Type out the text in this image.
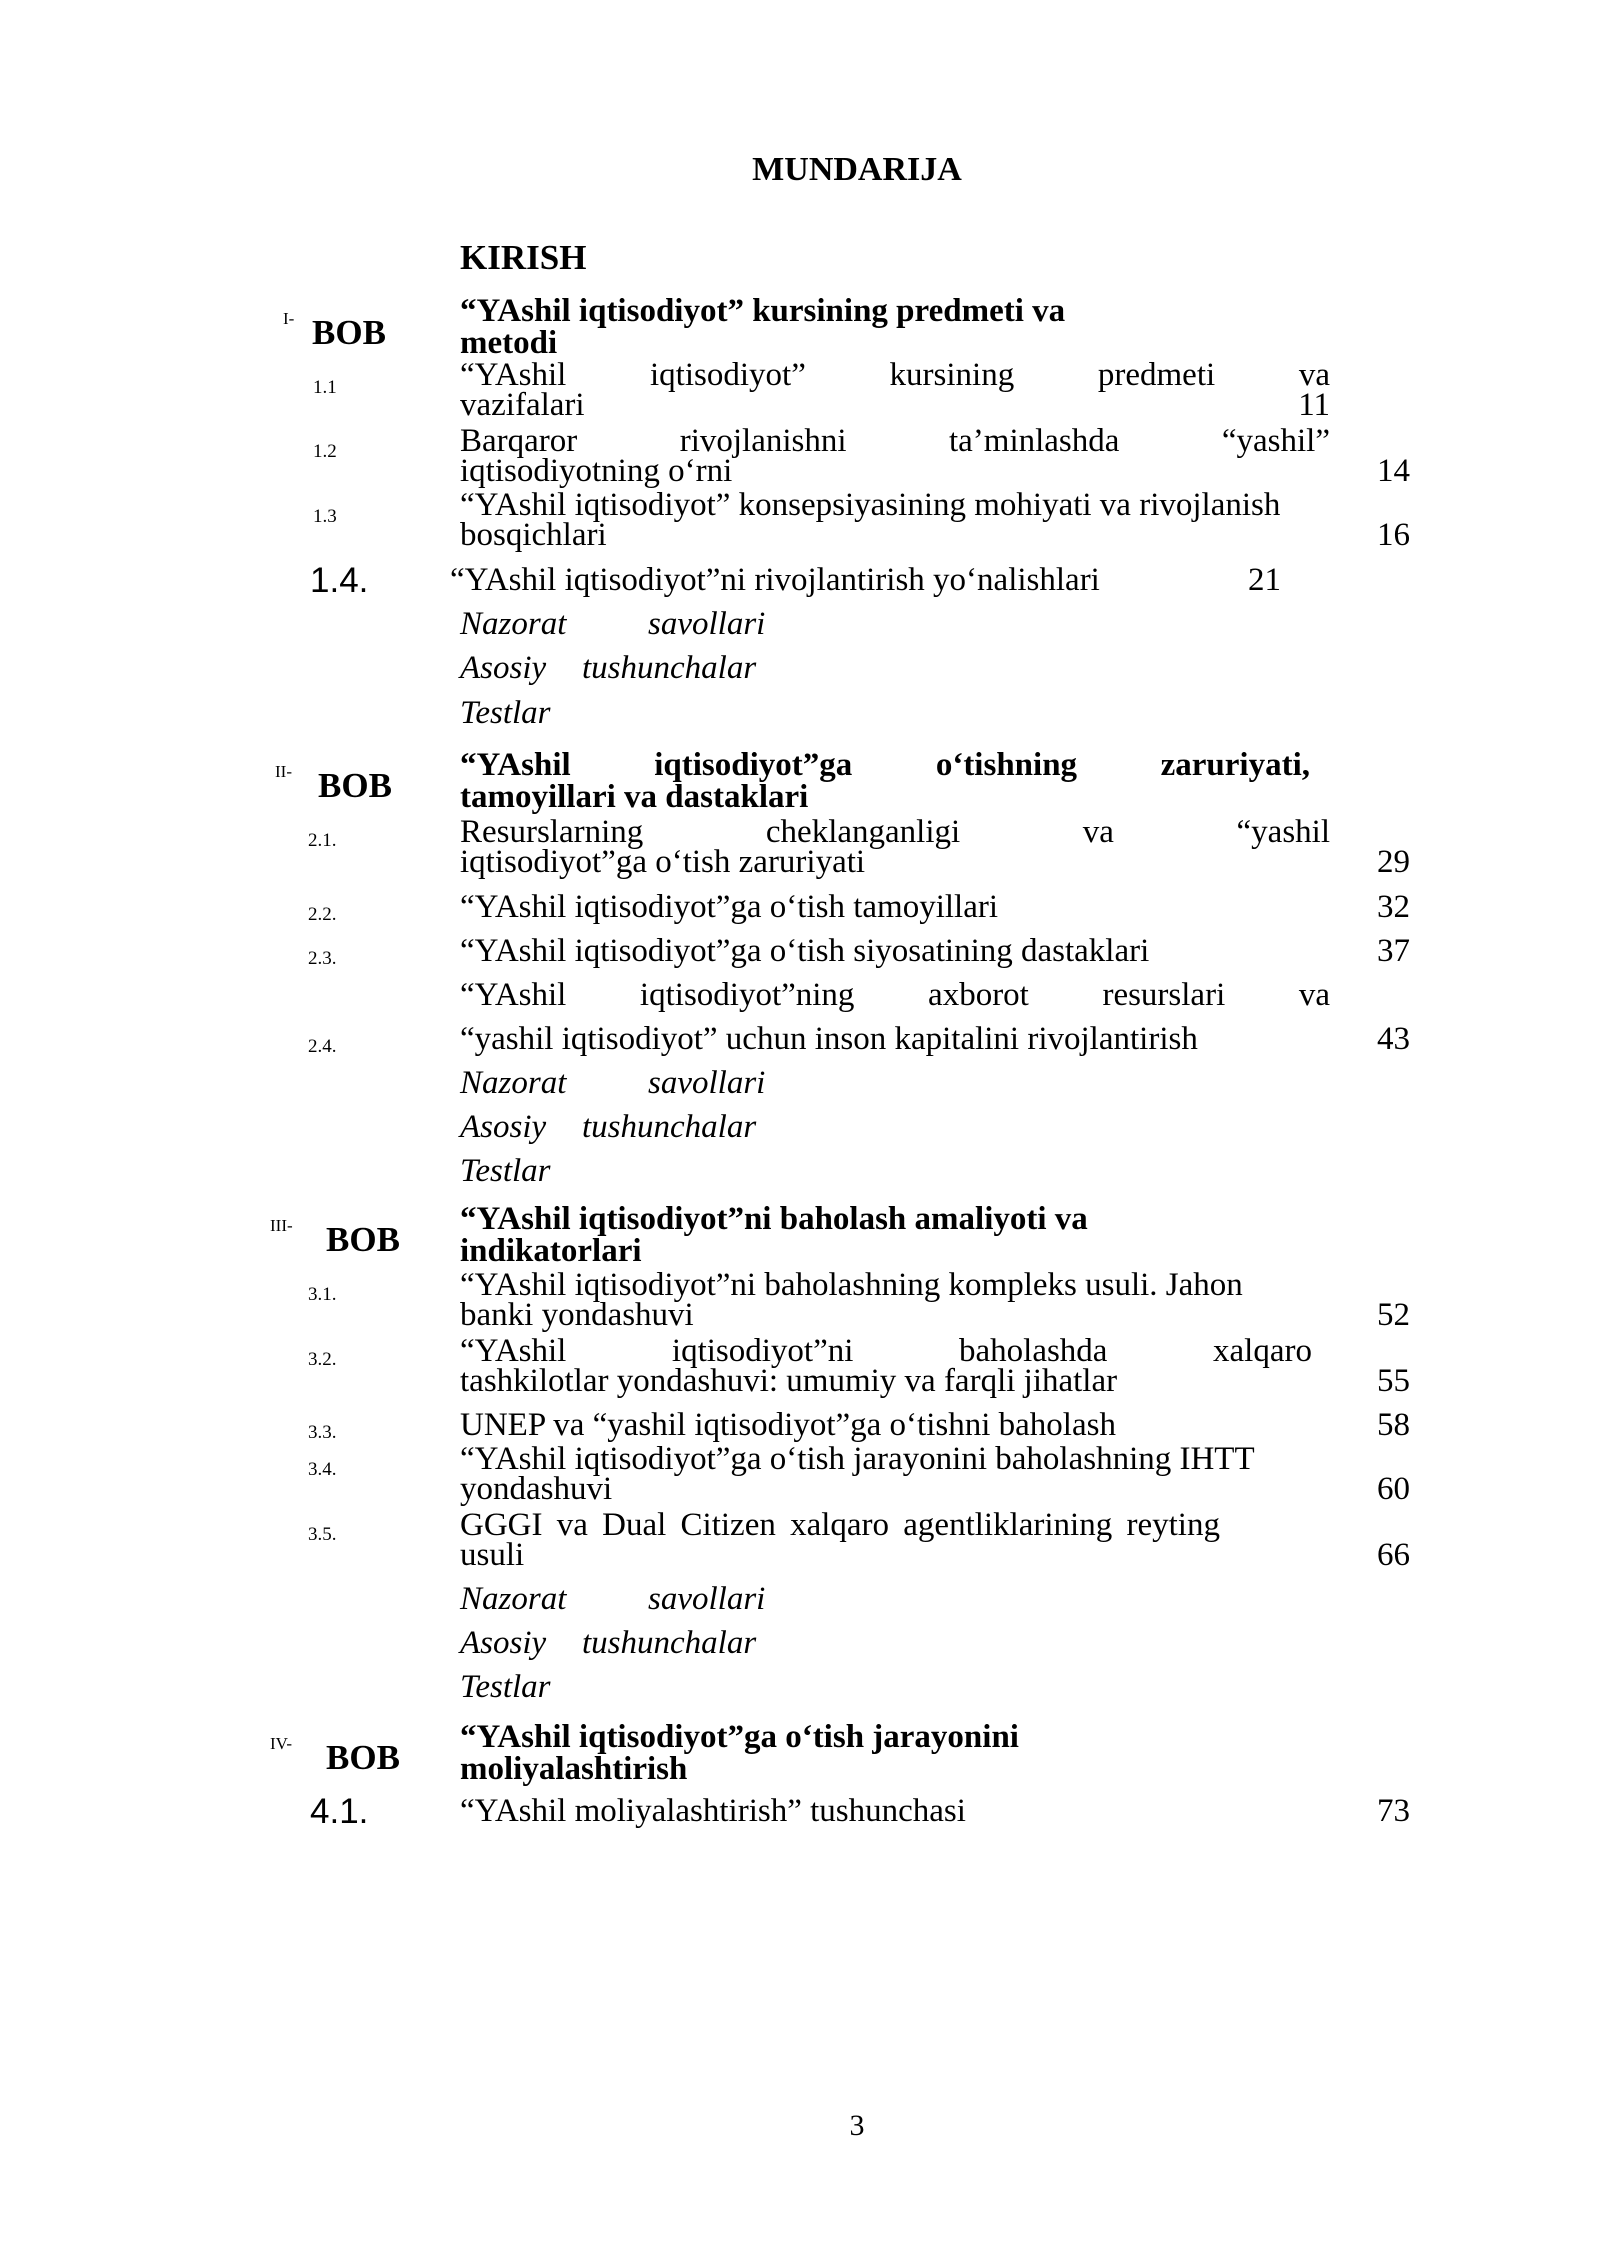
MUNDARIJA
KIRISH
I- BOB
“YAshil iqtisodiyot” kursining predmeti va
metodi
1.1	“YAshil iqtisodiyot” kursining predmeti va
vazifalari	11
1.2	Barqaror rivojlanishni ta’minlashda “yashil”
iqtisodiyotning o‘rni	14
1.3	“YAshil iqtisodiyot” konsepsiyasining mohiyati va rivojlanish
bosqichlari	16
1.4. “YAshil iqtisodiyot”ni rivojlantirish yo‘nalishlari	21
Nazorat savollari
Asosiy tushunchalar
Testlar
II- BOB
“YAshil iqtisodiyot”ga o‘tishning zaruriyati,
tamoyillari va dastaklari
2.1.	Resurslarning cheklanganligi va “yashil
iqtisodiyot”ga o‘tish zaruriyati	29
2.2.	“YAshil iqtisodiyot”ga o‘tish tamoyillari	32
2.3.	“YAshil iqtisodiyot”ga o‘tish siyosatining dastaklari	37
“YAshil iqtisodiyot”ning axborot resurslari va
2.4.	“yashil iqtisodiyot” uchun inson kapitalini rivojlantirish	43
Nazorat savollari
Asosiy tushunchalar
Testlar
III- BOB
“YAshil iqtisodiyot”ni baholash amaliyoti va
indikatorlari
3.1.	“YAshil iqtisodiyot”ni baholashning kompleks usuli. Jahon
banki yondashuvi	52
3.2.	“YAshil iqtisodiyot”ni baholashda xalqaro
tashkilotlar yondashuvi: umumiy va farqli jihatlar	55
3.3.	UNEP va “yashil iqtisodiyot”ga o‘tishni baholash	58
3.4.	“YAshil iqtisodiyot”ga o‘tish jarayonini baholashning IHTT
yondashuvi	60
3.5.	GGGI va Dual Citizen xalqaro agentliklarining reyting
usuli	66
Nazorat savollari
Asosiy tushunchalar
Testlar
IV- BOB
“YAshil iqtisodiyot”ga o‘tish jarayonini
moliyalashtirish
4.1.	“YAshil moliyalashtirish” tushunchasi	73
3
